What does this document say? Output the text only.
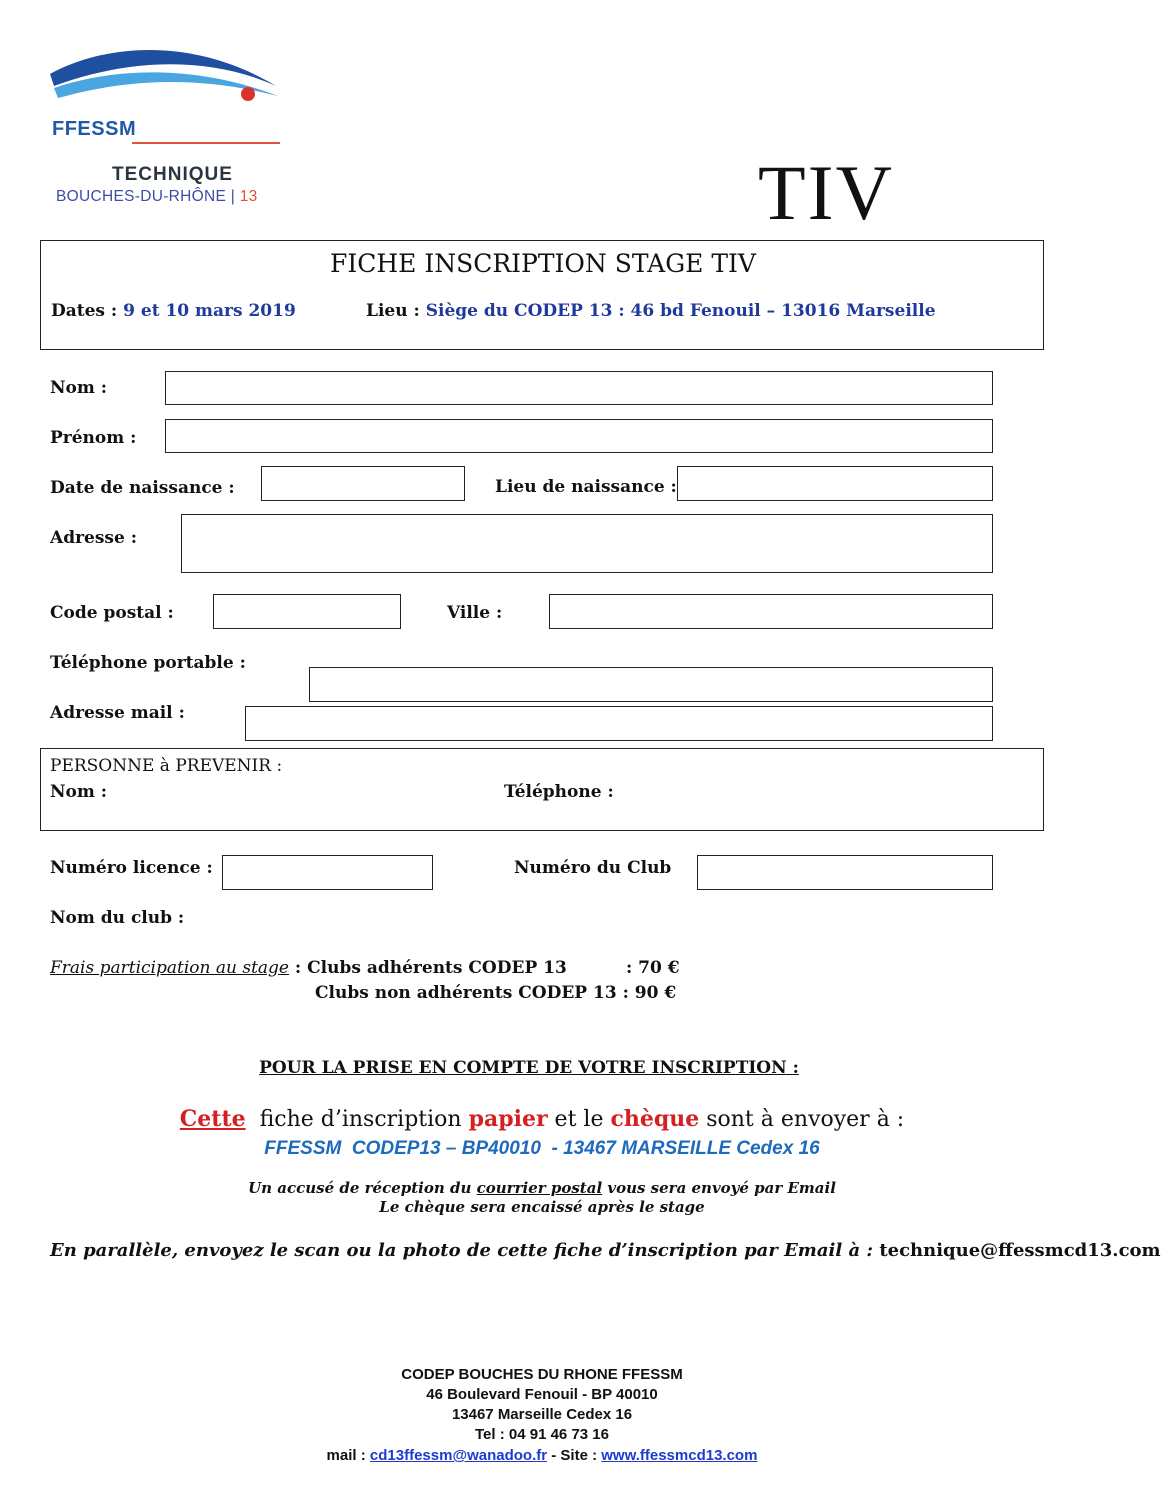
FFESSM
TECHNIQUE
BOUCHES-DU-RHÔNE | 13	TIV
FICHE INSCRIPTION STAGE TIV
Dates : 9 et 10 mars 2019	Lieu : Siège du CODEP 13 : 46 bd Fenouil – 13016 Marseille
Nom :
Prénom :
Date de naissance :	Lieu de naissance :
Adresse :
Code postal :	Ville :
Téléphone portable :
Adresse mail :
PERSONNE à PREVENIR :
Nom :	Téléphone :
Numéro licence :	Numéro du Club
Nom du club :
Frais participation au stage : Clubs adhérents CODEP 13          : 70 €
Clubs non adhérents CODEP 13 : 90 €
POUR LA PRISE EN COMPTE DE VOTRE INSCRIPTION :
Cette  fiche d’inscription papier et le chèque sont à envoyer à :
FFESSM  CODEP13 – BP40010  - 13467 MARSEILLE Cedex 16
Un accusé de réception du courrier postal vous sera envoyé par Email
Le chèque sera encaissé après le stage
En parallèle, envoyez le scan ou la photo de cette fiche d’inscription par Email à : technique@ffessmcd13.com
CODEP BOUCHES DU RHONE FFESSM
46 Boulevard Fenouil - BP 40010
13467 Marseille Cedex 16
Tel : 04 91 46 73 16
mail : cd13ffessm@wanadoo.fr - Site : www.ffessmcd13.com
